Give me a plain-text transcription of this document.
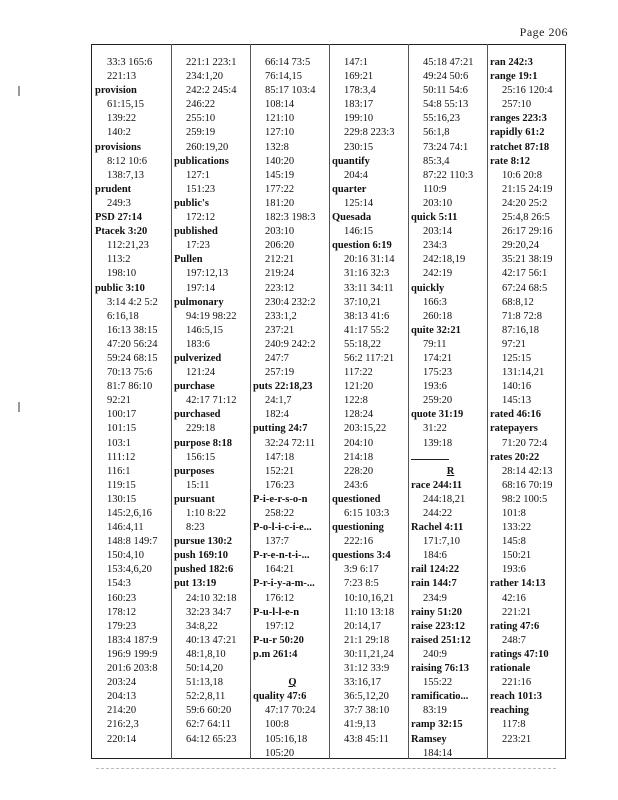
Page 206
33:3 165:6
221:13
provision
61:15,15
139:22
140:2
provisions
8:12 10:6
138:7,13
prudent
249:3
PSD 27:14
Ptacek 3:20
112:21,23
113:2
198:10
public 3:10
3:14 4:2 5:2
6:16,18
16:13 38:15
47:20 56:24
59:24 68:15
70:13 75:6
81:7 86:10
92:21
100:17
101:15
103:1
111:12
116:1
119:15
130:15
145:2,6,16
146:4,11
148:8 149:7
150:4,10
153:4,6,20
154:3
160:23
178:12
179:23
183:4 187:9
196:9 199:9
201:6 203:8
203:24
204:13
214:20
216:2,3
220:14
221:1 223:1
234:1,20
242:2 245:4
246:22
255:10
259:19
260:19,20
publications
127:1
151:23
public's
172:12
published
17:23
Pullen
197:12,13
197:14
pulmonary
94:19 98:22
146:5,15
183:6
pulverized
121:24
purchase
42:17 71:12
purchased
229:18
purpose 8:18
156:15
purposes
15:11
pursuant
1:10 8:22
8:23
pursue 130:2
push 169:10
pushed 182:6
put 13:19
24:10 32:18
32:23 34:7
34:8,22
40:13 47:21
48:1,8,10
50:14,20
51:13,18
52:2,8,11
59:6 60:20
62:7 64:11
64:12 65:23
66:14 73:5
76:14,15
85:17 103:4
108:14
121:10
127:10
132:8
140:20
145:19
177:22
181:20
182:3 198:3
203:10
206:20
212:21
219:24
223:12
230:4 232:2
233:1,2
237:21
240:9 242:2
247:7
257:19
puts 22:18,23
24:1,7
182:4
putting 24:7
32:24 72:11
147:18
152:21
176:23
P-i-e-r-s-o-n
258:22
P-o-l-i-c-i-e...
137:7
P-r-e-n-t-i-...
164:21
P-r-i-y-a-m-...
176:12
P-u-l-l-e-n
197:12
P-u-r 50:20
p.m 261:4
Q
quality 47:6
47:17 70:24
100:8
105:16,18
105:20
147:1
169:21
178:3,4
183:17
199:10
229:8 223:3
230:15
quantify
204:4
quarter
125:14
Quesada
146:15
question 6:19
20:16 31:14
31:16 32:3
33:11 34:11
37:10,21
38:13 41:6
41:17 55:2
55:18,22
56:2 117:21
117:22
121:20
122:8
128:24
203:15,22
204:10
214:18
228:20
243:6
questioned
6:15 103:3
questioning
222:16
questions 3:4
3:9 6:17
7:23 8:5
10:10,16,21
11:10 13:18
20:14,17
21:1 29:18
30:11,21,24
31:12 33:9
33:16,17
36:5,12,20
37:7 38:10
41:9,13
43:8 45:11
45:18 47:21
49:24 50:6
50:11 54:6
54:8 55:13
55:16,23
56:1,8
73:24 74:1
85:3,4
87:22 110:3
110:9
203:10
quick 5:11
203:14
234:3
242:18,19
242:19
quickly
166:3
260:18
quite 32:21
79:11
174:21
175:23
193:6
259:20
quote 31:19
31:22
139:18
R
race 244:11
244:18,21
244:22
Rachel 4:11
171:7,10
184:6
rail 124:22
rain 144:7
234:9
rainy 51:20
raise 223:12
raised 251:12
240:9
raising 76:13
155:22
ramificatio...
83:19
ramp 32:15
Ramsey
184:14
ran 242:3
range 19:1
25:16 120:4
257:10
ranges 223:3
rapidly 61:2
ratchet 87:18
rate 8:12
10:6 20:8
21:15 24:19
24:20 25:2
25:4,8 26:5
26:17 29:16
29:20,24
35:21 38:19
42:17 56:1
67:24 68:5
68:8,12
71:8 72:8
87:16,18
97:21
125:15
131:14,21
140:16
145:13
rated 46:16
ratepayers
71:20 72:4
rates 20:22
28:14 42:13
68:16 70:19
98:2 100:5
101:8
133:22
145:8
150:21
193:6
rather 14:13
42:16
221:21
rating 47:6
248:7
ratings 47:10
rationale
221:16
reach 101:3
reaching
117:8
223:21
